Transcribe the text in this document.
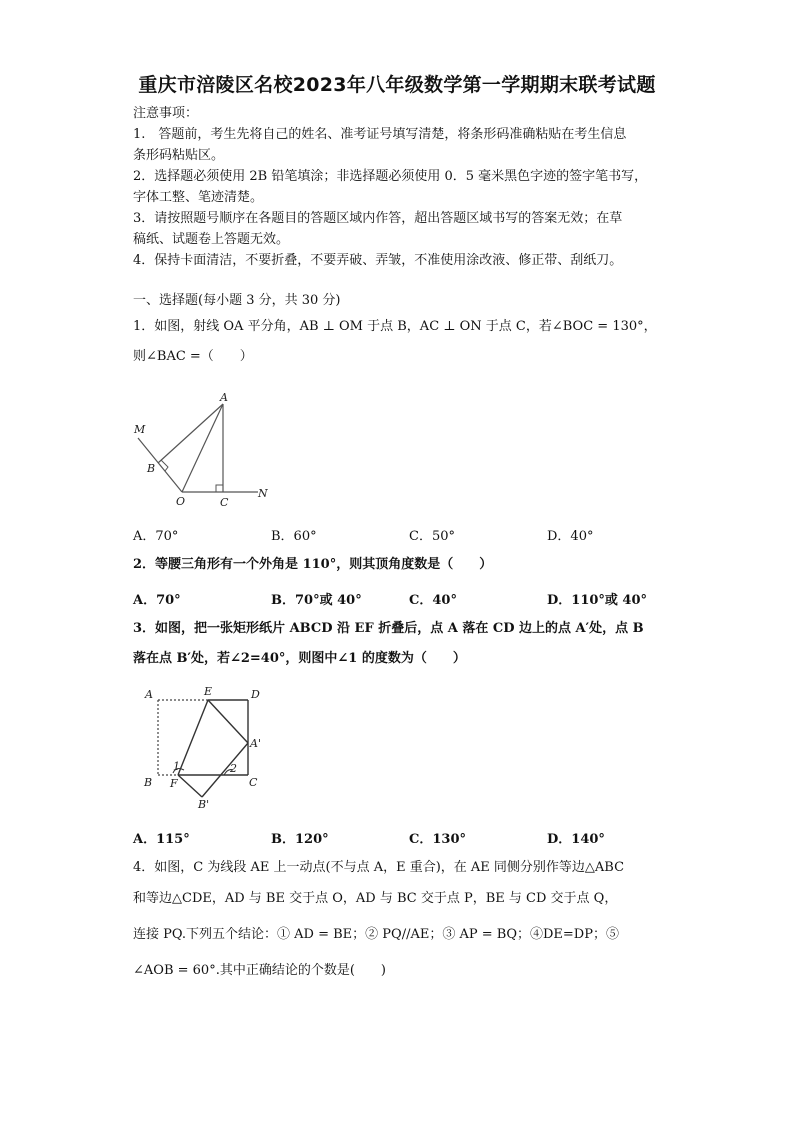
重庆市涪陵区名校2023年八年级数学第一学期期末联考试题
注意事项：
1.　答题前，考生先将自己的姓名、准考证号填写清楚，将条形码准确粘贴在考生信息
条形码粘贴区。
2．选择题必须使用 2B 铅笔填涂；非选择题必须使用 0．5 毫米黑色字迹的签字笔书写，
字体工整、笔迹清楚。
3．请按照题号顺序在各题目的答题区域内作答，超出答题区域书写的答案无效；在草
稿纸、试题卷上答题无效。
4．保持卡面清洁，不要折叠，不要弄破、弄皱，不准使用涂改液、修正带、刮纸刀。
一、选择题(每小题 3 分，共 30 分)
1．如图，射线 OA 平分角，AB ⊥ OM 于点 B，AC ⊥ ON 于点 C，若∠BOC = 130°，
则∠BAC =（　　）
A
M
B
O	C
N
A．70°	B．60°	C．50°	D．40°
2．等腰三角形有一个外角是 110°，则其顶角度数是（　　）
A．70°	B．70°或 40°	C．40°	D．110°或 40°
3．如图，把一张矩形纸片 ABCD 沿 EF 折叠后，点 A 落在 CD 边上的点 A′处，点 B
落在点 B′处，若∠2=40°，则图中∠1 的度数为（　　）
A	E	D
A'
B F	C
B'
1	2
A．115°	B．120°	C．130°	D．140°
4．如图，C 为线段 AE 上一动点(不与点 A，E 重合)，在 AE 同侧分别作等边△ABC
和等边△CDE，AD 与 BE 交于点 O，AD 与 BC 交于点 P，BE 与 CD 交于点 Q，
连接 PQ.下列五个结论：① AD = BE；② PQ//AE；③ AP = BQ；④DE=DP；⑤
∠AOB = 60°.其中正确结论的个数是(　　)
